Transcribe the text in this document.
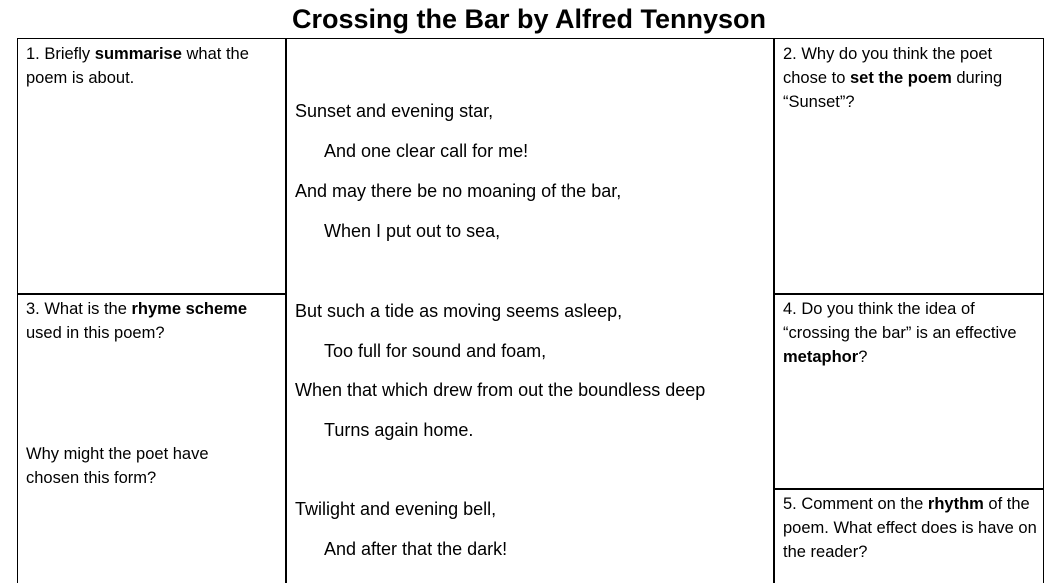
Crossing the Bar by Alfred Tennyson
1. Briefly summarise what the poem is about.
2. Why do you think the poet chose to set the poem during “Sunset”?
3. What is the rhyme scheme used in this poem?
Why might the poet have chosen this form?
4. Do you think the idea of “crossing the bar” is an effective metaphor?
5. Comment on the rhythm of the poem. What effect does is have on the reader?
Sunset and evening star,
And one clear call for me!
And may there be no moaning of the bar,
When I put out to sea,
But such a tide as moving seems asleep,
Too full for sound and foam,
When that which drew from out the boundless deep
Turns again home.
Twilight and evening bell,
And after that the dark!
